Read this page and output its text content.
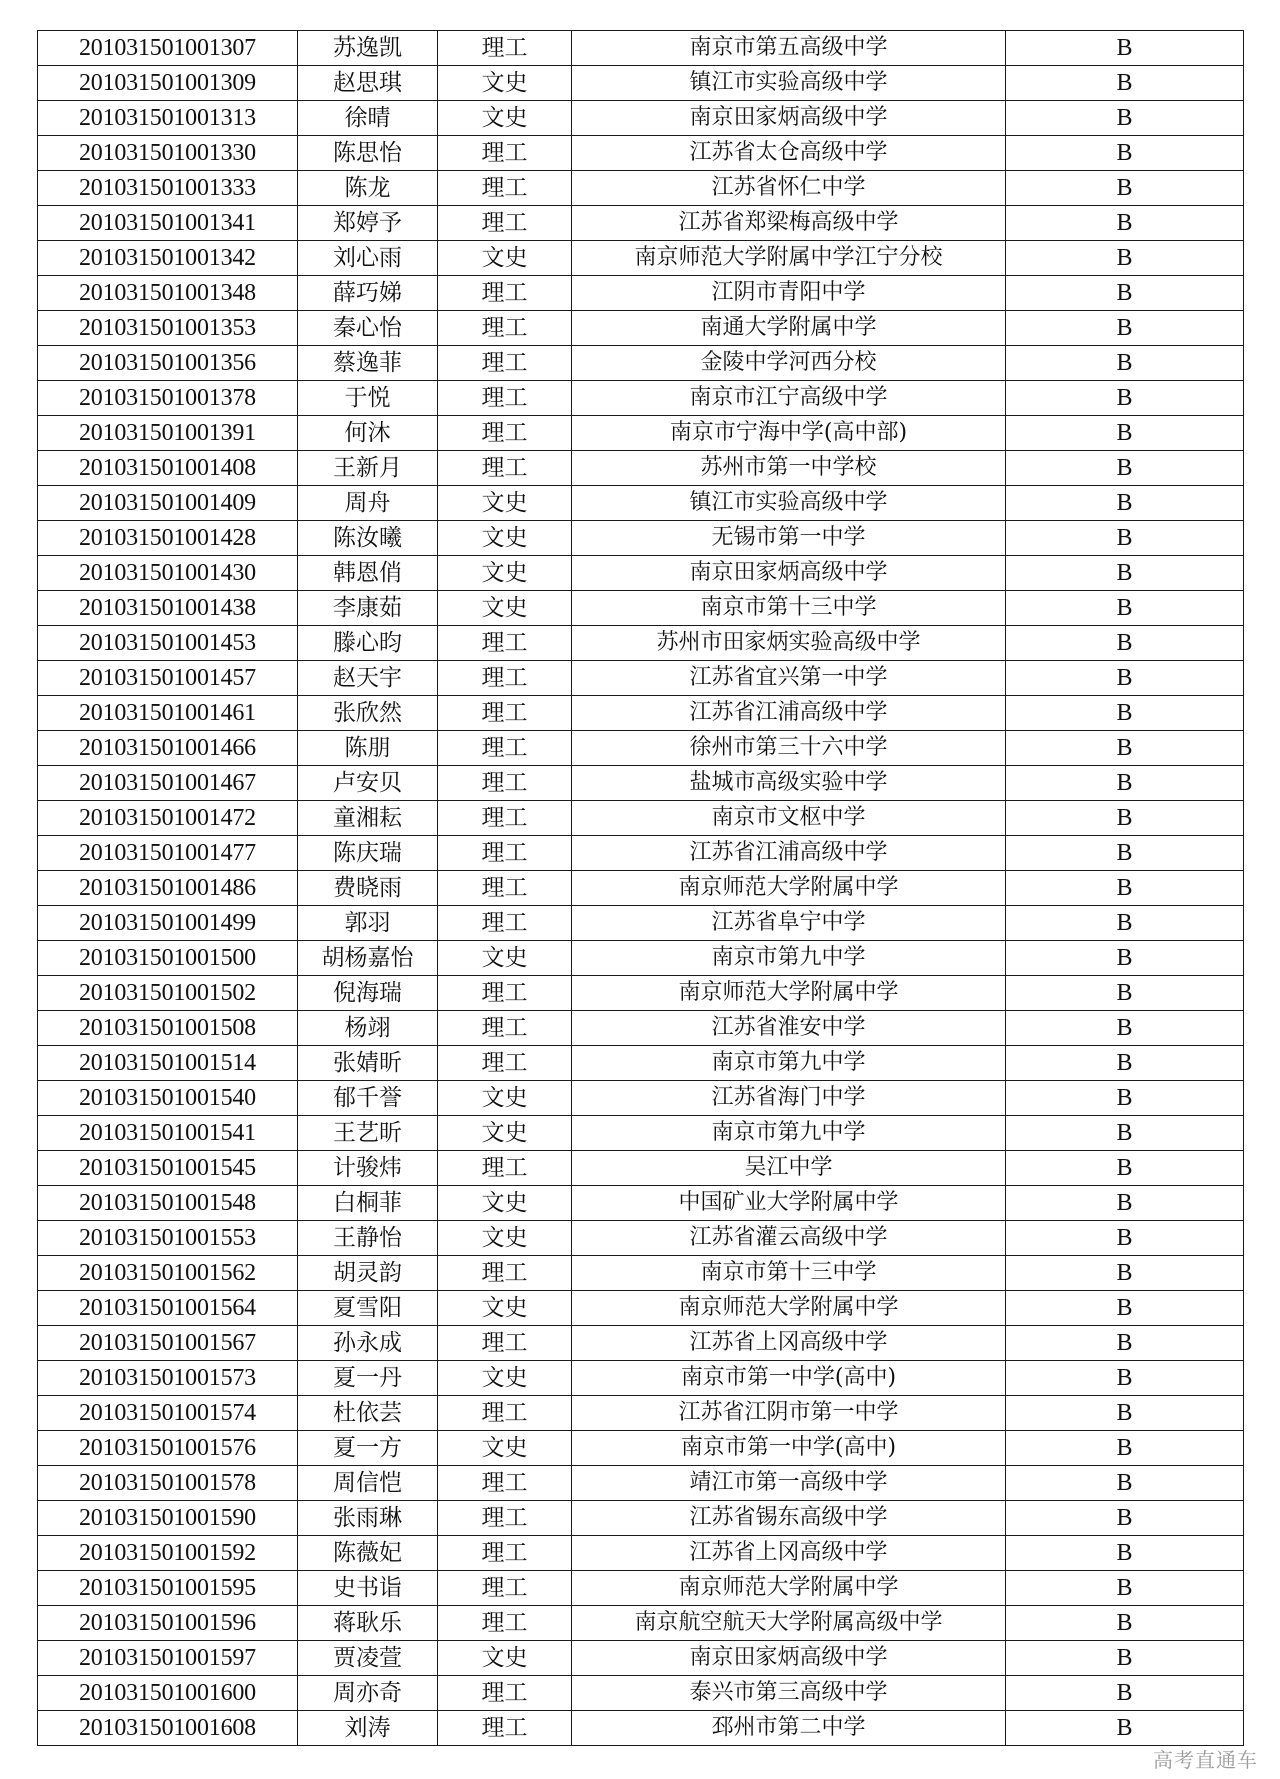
201031501001307	苏逸凯	理工	南京市第五高级中学	B
201031501001309	赵思琪	文史	镇江市实验高级中学	B
201031501001313	徐晴	文史	南京田家炳高级中学	B
201031501001330	陈思怡	理工	江苏省太仓高级中学	B
201031501001333	陈龙	理工	江苏省怀仁中学	B
201031501001341	郑婷予	理工	江苏省郑梁梅高级中学	B
201031501001342	刘心雨	文史	南京师范大学附属中学江宁分校	B
201031501001348	薛巧娣	理工	江阴市青阳中学	B
201031501001353	秦心怡	理工	南通大学附属中学	B
201031501001356	蔡逸菲	理工	金陵中学河西分校	B
201031501001378	于悦	理工	南京市江宁高级中学	B
201031501001391	何沐	理工	南京市宁海中学(高中部)	B
201031501001408	王新月	理工	苏州市第一中学校	B
201031501001409	周舟	文史	镇江市实验高级中学	B
201031501001428	陈汝曦	文史	无锡市第一中学	B
201031501001430	韩恩俏	文史	南京田家炳高级中学	B
201031501001438	李康茹	文史	南京市第十三中学	B
201031501001453	滕心昀	理工	苏州市田家炳实验高级中学	B
201031501001457	赵天宇	理工	江苏省宜兴第一中学	B
201031501001461	张欣然	理工	江苏省江浦高级中学	B
201031501001466	陈朋	理工	徐州市第三十六中学	B
201031501001467	卢安贝	理工	盐城市高级实验中学	B
201031501001472	童湘耘	理工	南京市文枢中学	B
201031501001477	陈庆瑞	理工	江苏省江浦高级中学	B
201031501001486	费晓雨	理工	南京师范大学附属中学	B
201031501001499	郭羽	理工	江苏省阜宁中学	B
201031501001500	胡杨嘉怡	文史	南京市第九中学	B
201031501001502	倪海瑞	理工	南京师范大学附属中学	B
201031501001508	杨翊	理工	江苏省淮安中学	B
201031501001514	张婧昕	理工	南京市第九中学	B
201031501001540	郁千誉	文史	江苏省海门中学	B
201031501001541	王艺昕	文史	南京市第九中学	B
201031501001545	计骏炜	理工	吴江中学	B
201031501001548	白桐菲	文史	中国矿业大学附属中学	B
201031501001553	王静怡	文史	江苏省灌云高级中学	B
201031501001562	胡灵韵	理工	南京市第十三中学	B
201031501001564	夏雪阳	文史	南京师范大学附属中学	B
201031501001567	孙永成	理工	江苏省上冈高级中学	B
201031501001573	夏一丹	文史	南京市第一中学(高中)	B
201031501001574	杜依芸	理工	江苏省江阴市第一中学	B
201031501001576	夏一方	文史	南京市第一中学(高中)	B
201031501001578	周信恺	理工	靖江市第一高级中学	B
201031501001590	张雨琳	理工	江苏省锡东高级中学	B
201031501001592	陈薇妃	理工	江苏省上冈高级中学	B
201031501001595	史书诣	理工	南京师范大学附属中学	B
201031501001596	蒋耿乐	理工	南京航空航天大学附属高级中学	B
201031501001597	贾凌萱	文史	南京田家炳高级中学	B
201031501001600	周亦奇	理工	泰兴市第三高级中学	B
201031501001608	刘涛	理工	邳州市第二中学	B
高考直通车
